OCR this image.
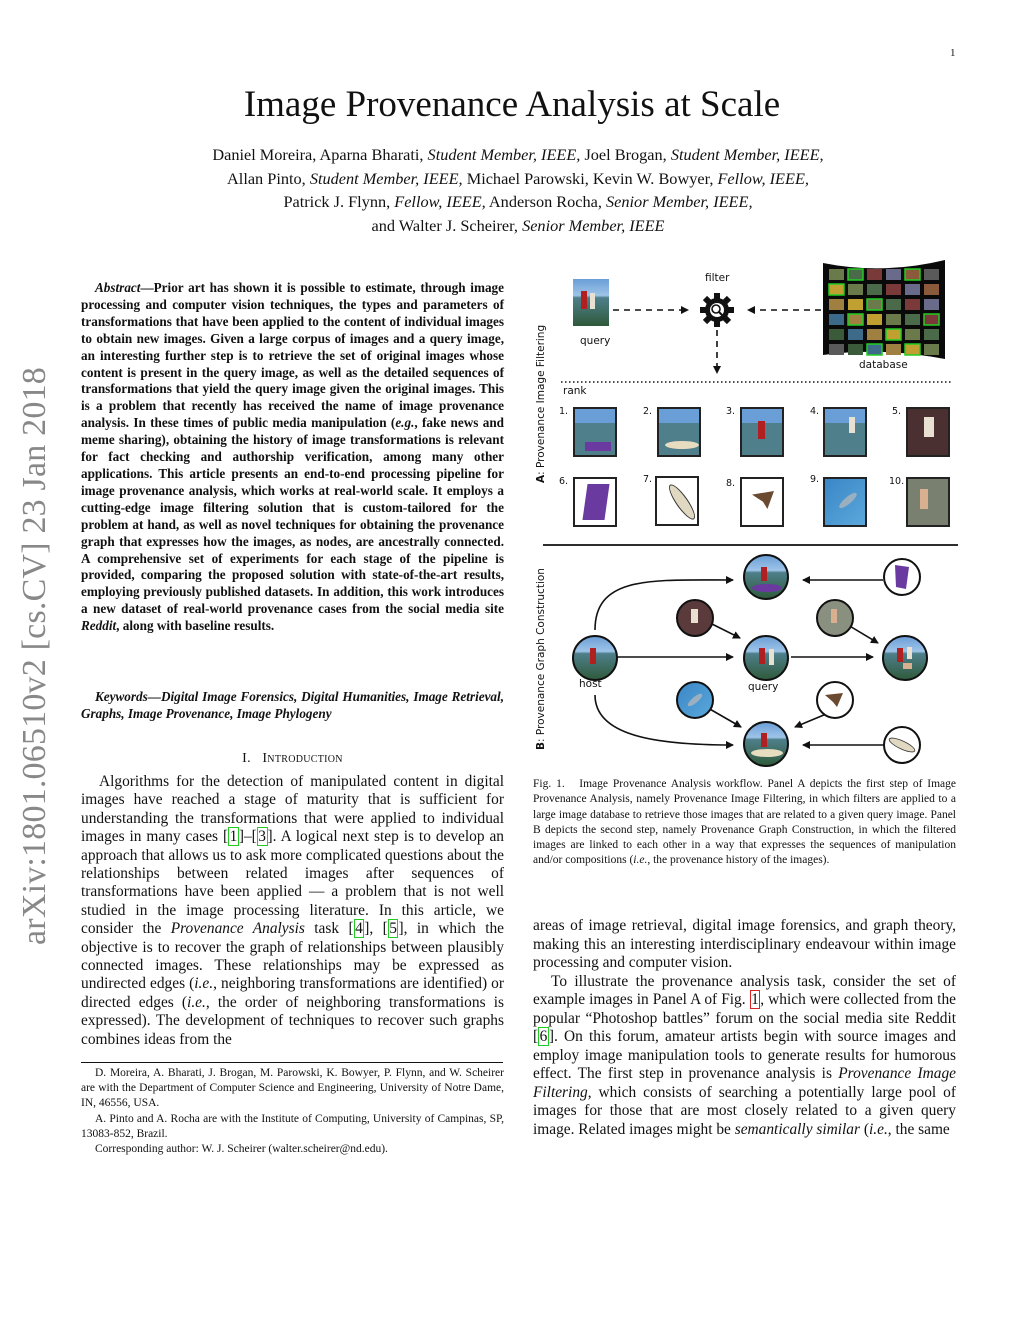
1
arXiv:1801.06510v2 [cs.CV] 23 Jan 2018
Image Provenance Analysis at Scale
Daniel Moreira, Aparna Bharati, Student Member, IEEE, Joel Brogan, Student Member, IEEE,
Allan Pinto, Student Member, IEEE, Michael Parowski, Kevin W. Bowyer, Fellow, IEEE,
Patrick J. Flynn, Fellow, IEEE, Anderson Rocha, Senior Member, IEEE,
and Walter J. Scheirer, Senior Member, IEEE
Abstract—Prior art has shown it is possible to estimate, through image processing and computer vision techniques, the types and parameters of transformations that have been applied to the content of individual images to obtain new images. Given a large corpus of images and a query image, an interesting further step is to retrieve the set of original images whose content is present in the query image, as well as the detailed sequences of transformations that yield the query image given the original images. This is a problem that recently has received the name of image provenance analysis. In these times of public media manipulation (e.g., fake news and meme sharing), obtaining the history of image transformations is relevant for fact checking and authorship verification, among many other applications. This article presents an end-to-end processing pipeline for image provenance analysis, which works at real-world scale. It employs a cutting-edge image filtering solution that is custom-tailored for the problem at hand, as well as novel techniques for obtaining the provenance graph that expresses how the images, as nodes, are ancestrally connected. A comprehensive set of experiments for each stage of the pipeline is provided, comparing the proposed solution with state-of-the-art results, employing previously published datasets. In addition, this work introduces a new dataset of real-world provenance cases from the social media site Reddit, along with baseline results.
Keywords—Digital Image Forensics, Digital Humanities, Image Retrieval, Graphs, Image Provenance, Image Phylogeny
I. Introduction

Algorithms for the detection of manipulated content in digital images have reached a stage of maturity that is sufficient for understanding the transformations that were applied to individual images in many cases [1]–[3]. A logical next step is to develop an approach that allows us to ask more complicated questions about the relationships between related images after sequences of transformations have been applied — a problem that is not well studied in the image processing literature. In this article, we consider the Provenance Analysis task [4], [5], in which the objective is to recover the graph of relationships between plausibly connected images. These relationships may be expressed as undirected edges (i.e., neighboring transformations are identified) or directed edges (i.e., the order of neighboring transformations is expressed). The development of techniques to recover such graphs combines ideas from the

D. Moreira, A. Bharati, J. Brogan, M. Parowski, K. Bowyer, P. Flynn, and W. Scheirer are with the Department of Computer Science and Engineering, University of Notre Dame, IN, 46556, USA.

A. Pinto and A. Rocha are with the Institute of Computing, University of Campinas, SP, 13083-852, Brazil.

Corresponding author: W. J. Scheirer (walter.scheirer@nd.edu).

A: Provenance Image Filtering
B: Provenance Graph Construction
filter
query
database
rank
1.	2.	3.	4.	5.
6.	7.	8.	9.	10.
host	query
Fig. 1. Image Provenance Analysis workflow. Panel A depicts the first step of Image Provenance Analysis, namely Provenance Image Filtering, in which filters are applied to a large image database to retrieve those images that are related to a given query image. Panel B depicts the second step, namely Provenance Graph Construction, in which the filtered images are linked to each other in a way that expresses the sequences of manipulation and/or compositions (i.e., the provenance history of the images).

areas of image retrieval, digital image forensics, and graph theory, making this an interesting interdisciplinary endeavour within image processing and computer vision.

To illustrate the provenance analysis task, consider the set of example images in Panel A of Fig. 1, which were collected from the popular “Photoshop battles” forum on the social media site Reddit [6]. On this forum, amateur artists begin with source images and employ image manipulation tools to generate results for humorous effect. The first step in provenance analysis is Provenance Image Filtering, which consists of searching a potentially large pool of images for those that are most closely related to a given query image. Related images might be semantically similar (i.e., the same
